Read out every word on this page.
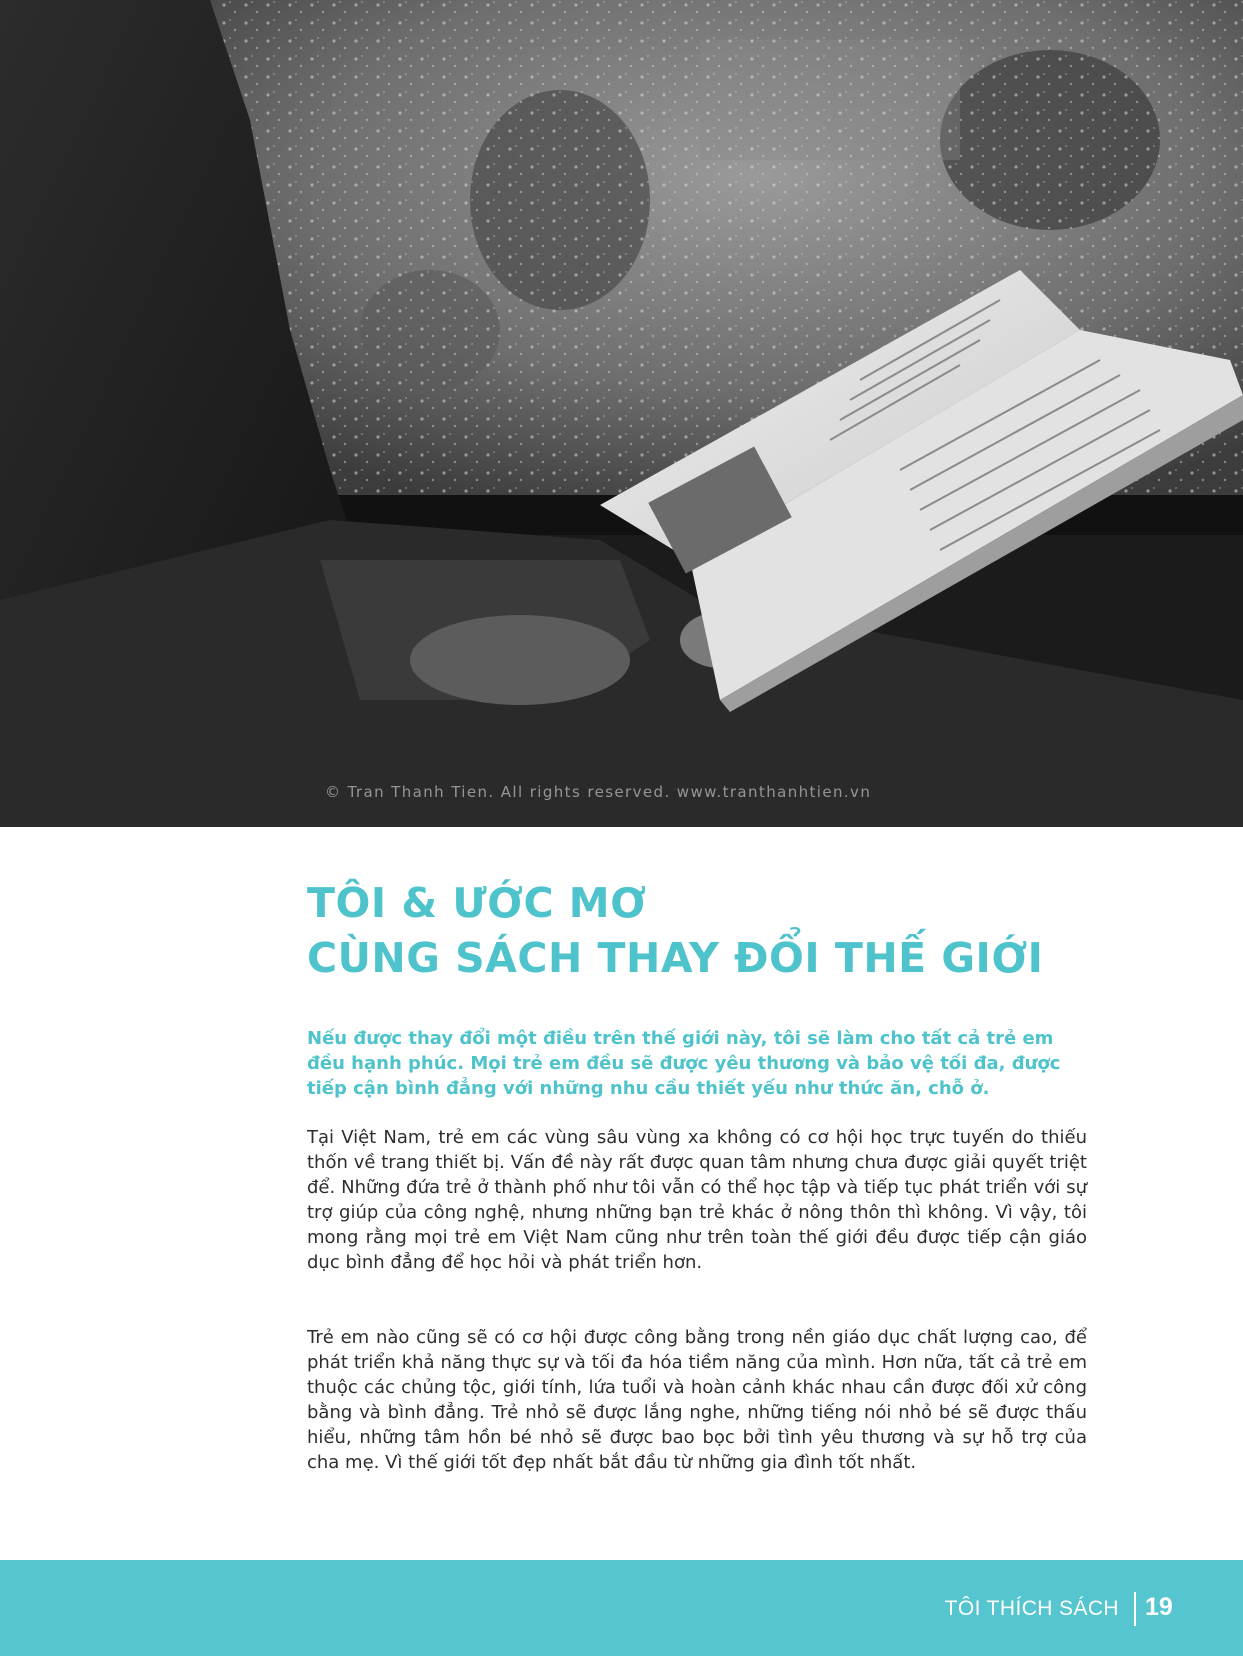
© Tran Thanh Tien. All rights reserved. www.tranthanhtien.vn
TÔI & ƯỚC MƠ
CÙNG SÁCH THAY ĐỔI THẾ GIỚI

Nếu được thay đổi một điều trên thế giới này, tôi sẽ làm cho tất cả trẻ em đều hạnh phúc. Mọi trẻ em đều sẽ được yêu thương và bảo vệ tối đa, được tiếp cận bình đẳng với những nhu cầu thiết yếu như thức ăn, chỗ ở.

Tại Việt Nam, trẻ em các vùng sâu vùng xa không có cơ hội học trực tuyến do thiếu thốn về trang thiết bị. Vấn đề này rất được quan tâm nhưng chưa được giải quyết triệt để. Những đứa trẻ ở thành phố như tôi vẫn có thể học tập và tiếp tục phát triển với sự trợ giúp của công nghệ, nhưng những bạn trẻ khác ở nông thôn thì không. Vì vậy, tôi mong rằng mọi trẻ em Việt Nam cũng như trên toàn thế giới đều được tiếp cận giáo dục bình đẳng để học hỏi và phát triển hơn.

Trẻ em nào cũng sẽ có cơ hội được công bằng trong nền giáo dục chất lượng cao, để phát triển khả năng thực sự và tối đa hóa tiềm năng của mình. Hơn nữa, tất cả trẻ em thuộc các chủng tộc, giới tính, lứa tuổi và hoàn cảnh khác nhau cần được đối xử công bằng và bình đẳng. Trẻ nhỏ sẽ được lắng nghe, những tiếng nói nhỏ bé sẽ được thấu hiểu, những tâm hồn bé nhỏ sẽ được bao bọc bởi tình yêu thương và sự hỗ trợ của cha mẹ. Vì thế giới tốt đẹp nhất bắt đầu từ những gia đình tốt nhất.

TÔI THÍCH SÁCH 19
